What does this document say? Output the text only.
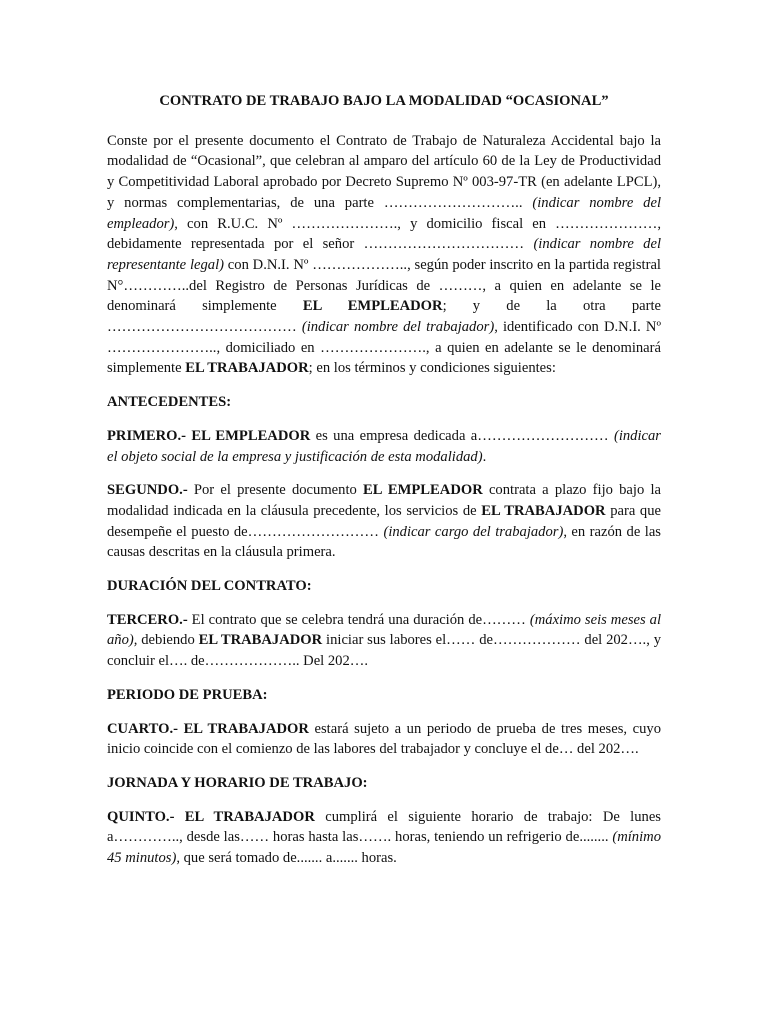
CONTRATO DE TRABAJO BAJO LA MODALIDAD “OCASIONAL”

Conste por el presente documento el Contrato de Trabajo de Naturaleza Accidental bajo la modalidad de “Ocasional”, que celebran al amparo del artículo 60 de la Ley de Productividad y Competitividad Laboral aprobado por Decreto Supremo Nº 003-97-TR (en adelante LPCL), y normas complementarias, de una parte ……………………….. (indicar nombre del empleador), con R.U.C. Nº …………………., y domicilio fiscal en …………………, debidamente representada por el señor …………………………… (indicar nombre del representante legal) con D.N.I. Nº ……………….., según poder inscrito en la partida registral N°…………..del Registro de Personas Jurídicas de ………, a quien en adelante se le denominará simplemente EL EMPLEADOR; y de la otra parte ………………………………… (indicar nombre del trabajador), identificado con D.N.I. Nº ………………….., domiciliado en …………………., a quien en adelante se le denominará simplemente EL TRABAJADOR; en los términos y condiciones siguientes:

ANTECEDENTES:

PRIMERO.- EL EMPLEADOR es una empresa dedicada a……………………… (indicar el objeto social de la empresa y justificación de esta modalidad).

SEGUNDO.- Por el presente documento EL EMPLEADOR contrata a plazo fijo bajo la modalidad indicada en la cláusula precedente, los servicios de EL TRABAJADOR para que desempeñe el puesto de……………………… (indicar cargo del trabajador), en razón de las causas descritas en la cláusula primera.

DURACIÓN DEL CONTRATO:

TERCERO.- El contrato que se celebra tendrá una duración de……… (máximo seis meses al año), debiendo EL TRABAJADOR iniciar sus labores el…… de……………… del 202…., y concluir el…. de……………….. Del 202….

PERIODO DE PRUEBA:

CUARTO.- EL TRABAJADOR estará sujeto a un periodo de prueba de tres meses, cuyo inicio coincide con el comienzo de las labores del trabajador y concluye el de… del 202….

JORNADA Y HORARIO DE TRABAJO:

QUINTO.- EL TRABAJADOR cumplirá el siguiente horario de trabajo: De lunes a………….., desde las…… horas hasta las……. horas, teniendo un refrigerio de........ (mínimo 45 minutos), que será tomado de....... a....... horas.
